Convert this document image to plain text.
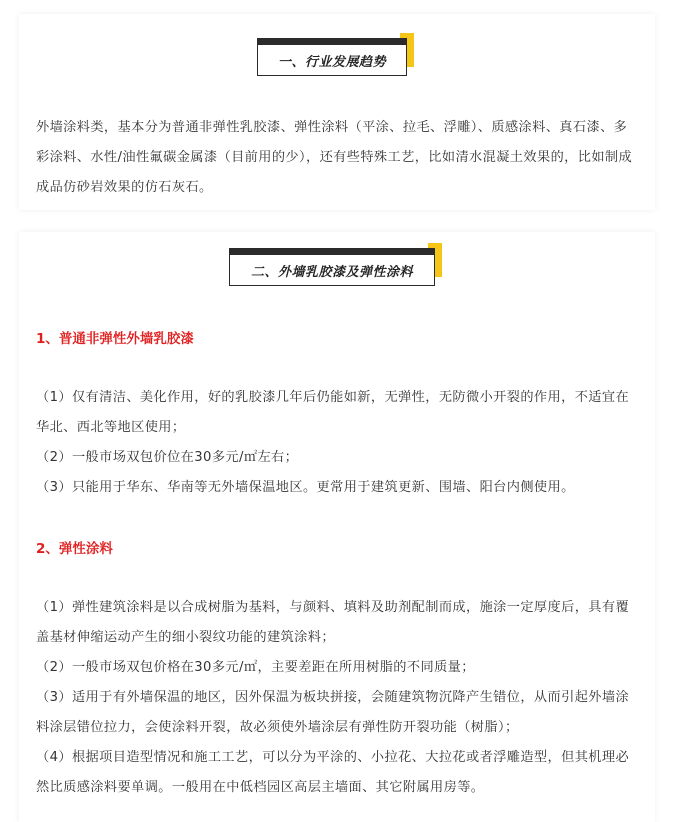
一、行业发展趋势

外墙涂料类，基本分为普通非弹性乳胶漆、弹性涂料（平涂、拉毛、浮雕）、质感涂料、真石漆、多彩涂料、水性/油性氟碳金属漆（目前用的少），还有些特殊工艺，比如清水混凝土效果的，比如制成成品仿砂岩效果的仿石灰石。

二、外墙乳胶漆及弹性涂料

1、普通非弹性外墙乳胶漆

（1）仅有清洁、美化作用，好的乳胶漆几年后仍能如新，无弹性，无防微小开裂的作用，不适宜在华北、西北等地区使用；
（2）一般市场双包价位在30多元/㎡左右；
（3）只能用于华东、华南等无外墙保温地区。更常用于建筑更新、围墙、阳台内侧使用。

2、弹性涂料

（1）弹性建筑涂料是以合成树脂为基料，与颜料、填料及助剂配制而成，施涂一定厚度后，具有覆盖基材伸缩运动产生的细小裂纹功能的建筑涂料；
（2）一般市场双包价格在30多元/㎡，主要差距在所用树脂的不同质量；
（3）适用于有外墙保温的地区，因外保温为板块拼接，会随建筑物沉降产生错位，从而引起外墙涂料涂层错位拉力，会使涂料开裂，故必须使外墙涂层有弹性防开裂功能（树脂）；
（4）根据项目造型情况和施工工艺，可以分为平涂的、小拉花、大拉花或者浮雕造型，但其机理必然比质感涂料要单调。一般用在中低档园区高层主墙面、其它附属用房等。
